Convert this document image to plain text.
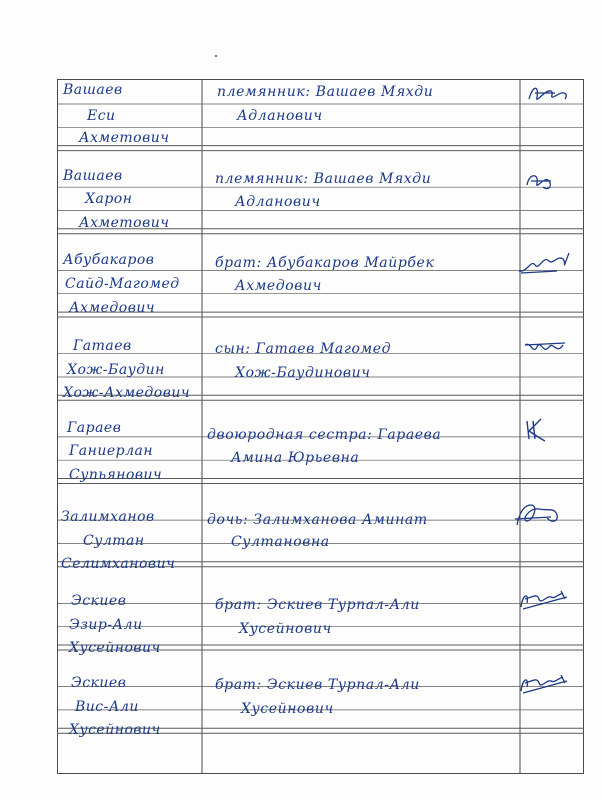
Вашаев
Еси
Ахметович
племянник: Вашаев Мяхди
Адланович
Вашаев
Харон
Ахметович
племянник: Вашаев Мяхди
Адланович
Абубакаров
Сайд-Магомед
Ахмедович
брат: Абубакаров Майрбек
Ахмедович
Гатаев
Хож-Баудин
Хож-Ахмедович
сын: Гатаев Магомед
Хож-Баудинович
Гараев
Ганиерлан
Супьянович
двоюродная сестра: Гараева
Амина Юрьевна
Залимханов
Султан
Селимханович
дочь: Залимханова Аминат
Султановна
Эскиев
Эзир-Али
Хусейнович
брат: Эскиев Турпал-Али
Хусейнович
Эскиев
Вис-Али
Хусейнович
брат: Эскиев Турпал-Али
Хусейнович
